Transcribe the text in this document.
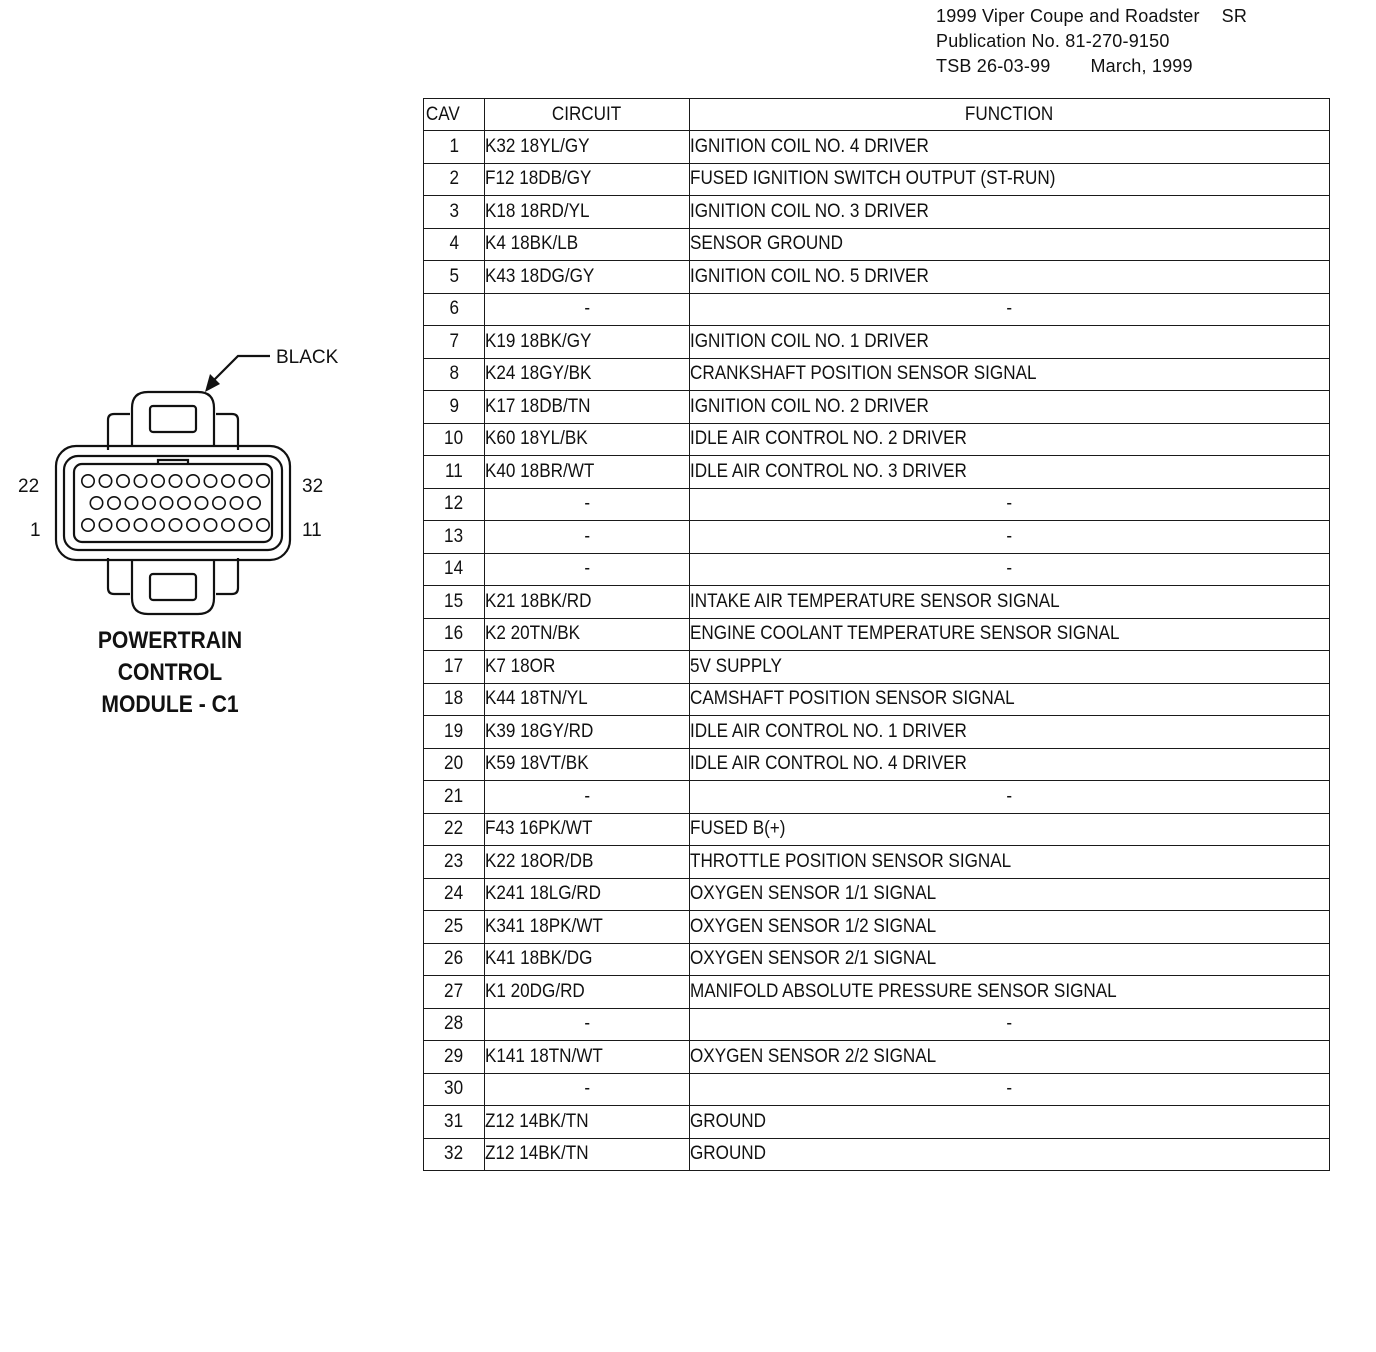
1999 Viper Coupe and Roadster SR
Publication No. 81-270-9150
TSB 26-03-99 March, 1999
BLACK
22	32
1	11
POWERTRAIN
CONTROL
MODULE - C1
CAV	CIRCUIT	FUNCTION
1	K32 18YL/GY	IGNITION COIL NO. 4 DRIVER
2	F12 18DB/GY	FUSED IGNITION SWITCH OUTPUT (ST-RUN)
3	K18 18RD/YL	IGNITION COIL NO. 3 DRIVER
4	K4 18BK/LB	SENSOR GROUND
5	K43 18DG/GY	IGNITION COIL NO. 5 DRIVER
6	-	-
7	K19 18BK/GY	IGNITION COIL NO. 1 DRIVER
8	K24 18GY/BK	CRANKSHAFT POSITION SENSOR SIGNAL
9	K17 18DB/TN	IGNITION COIL NO. 2 DRIVER
10	K60 18YL/BK	IDLE AIR CONTROL NO. 2 DRIVER
11	K40 18BR/WT	IDLE AIR CONTROL NO. 3 DRIVER
12	-	-
13	-	-
14	-	-
15	K21 18BK/RD	INTAKE AIR TEMPERATURE SENSOR SIGNAL
16	K2 20TN/BK	ENGINE COOLANT TEMPERATURE SENSOR SIGNAL
17	K7 18OR	5V SUPPLY
18	K44 18TN/YL	CAMSHAFT POSITION SENSOR SIGNAL
19	K39 18GY/RD	IDLE AIR CONTROL NO. 1 DRIVER
20	K59 18VT/BK	IDLE AIR CONTROL NO. 4 DRIVER
21	-	-
22	F43 16PK/WT	FUSED B(+)
23	K22 18OR/DB	THROTTLE POSITION SENSOR SIGNAL
24	K241 18LG/RD	OXYGEN SENSOR 1/1 SIGNAL
25	K341 18PK/WT	OXYGEN SENSOR 1/2 SIGNAL
26	K41 18BK/DG	OXYGEN SENSOR 2/1 SIGNAL
27	K1 20DG/RD	MANIFOLD ABSOLUTE PRESSURE SENSOR SIGNAL
28	-	-
29	K141 18TN/WT	OXYGEN SENSOR 2/2 SIGNAL
30	-	-
31	Z12 14BK/TN	GROUND
32	Z12 14BK/TN	GROUND
